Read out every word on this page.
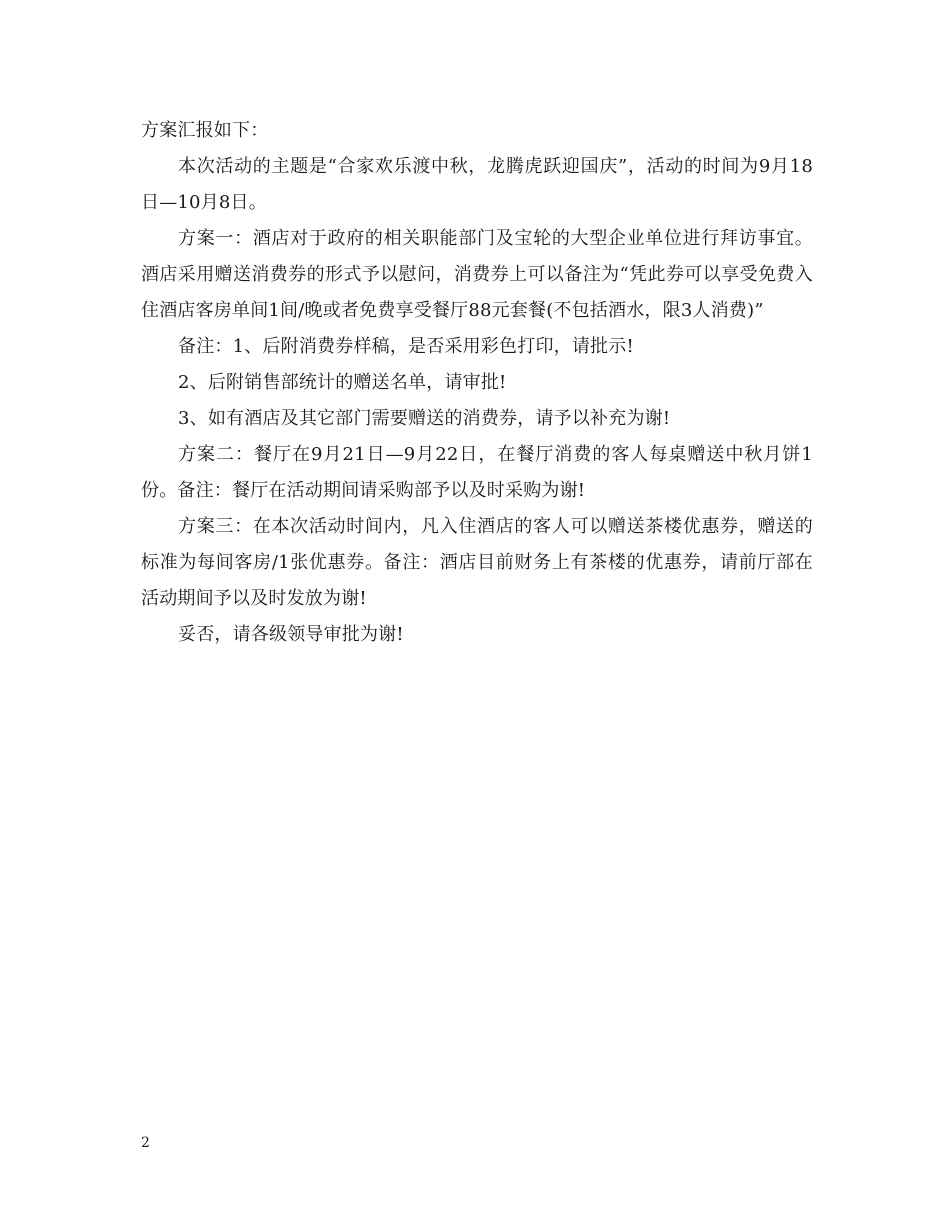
方案汇报如下：

本次活动的主题是“合家欢乐渡中秋，龙腾虎跃迎国庆”，活动的时间为9月18日—10月8日。

方案一：酒店对于政府的相关职能部门及宝轮的大型企业单位进行拜访事宜。酒店采用赠送消费券的形式予以慰问，消费券上可以备注为“凭此券可以享受免费入住酒店客房单间1间/晚或者免费享受餐厅88元套餐(不包括酒水，限3人消费)”

备注：1、后附消费券样稿，是否采用彩色打印，请批示!

2、后附销售部统计的赠送名单，请审批!

3、如有酒店及其它部门需要赠送的消费券，请予以补充为谢!

方案二：餐厅在9月21日—9月22日，在餐厅消费的客人每桌赠送中秋月饼1份。备注：餐厅在活动期间请采购部予以及时采购为谢!

方案三：在本次活动时间内，凡入住酒店的客人可以赠送茶楼优惠券，赠送的标准为每间客房/1张优惠券。备注：酒店目前财务上有茶楼的优惠券，请前厅部在活动期间予以及时发放为谢!

妥否，请各级领导审批为谢!

2
